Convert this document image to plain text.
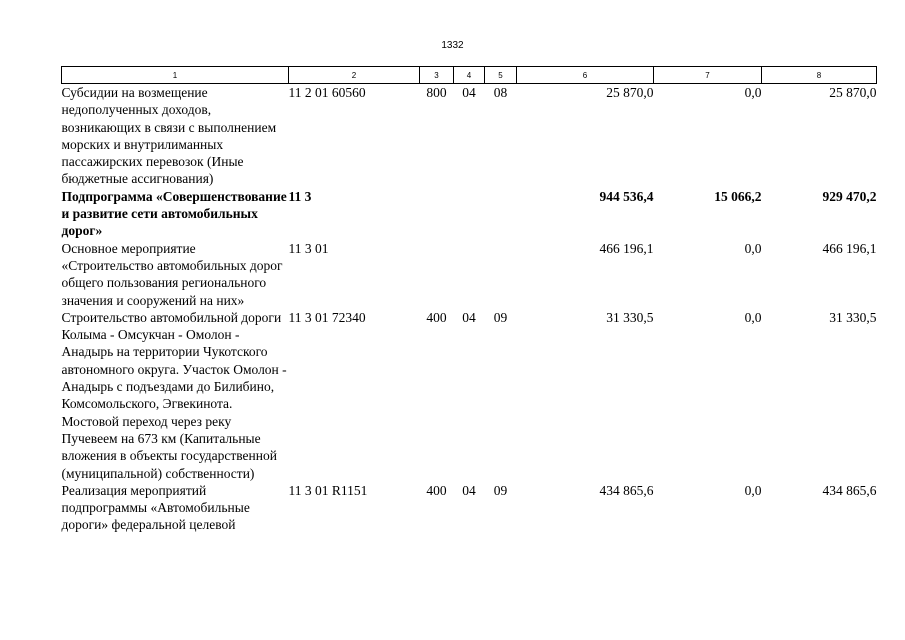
1332
1	2	3	4	5	6	7	8
Субсидии на возмещение недополученных доходов, возникающих в связи с выполнением морских и внутрилиманных пассажирских перевозок (Иные бюджетные ассигнования)	11 2 01 60560	800	04	08	25 870,0	0,0	25 870,0
Подпрограмма «Совершенствование и развитие сети автомобильных дорог»	11 3				944 536,4	15 066,2	929 470,2
Основное мероприятие «Строительство автомобильных дорог общего пользования регионального значения и сооружений на них»	11 3 01				466 196,1	0,0	466 196,1
Строительство автомобильной дороги Колыма - Омсукчан - Омолон - Анадырь на территории Чукотского автономного округа. Участок Омолон - Анадырь с подъездами до Билибино, Комсомольского, Эгвекинота. Мостовой переход через реку Пучевеем на 673 км (Капитальные вложения в объекты государственной (муниципальной) собственности)	11 3 01 72340	400	04	09	31 330,5	0,0	31 330,5
Реализация мероприятий подпрограммы «Автомобильные дороги» федеральной целевой	11 3 01 R1151	400	04	09	434 865,6	0,0	434 865,6
